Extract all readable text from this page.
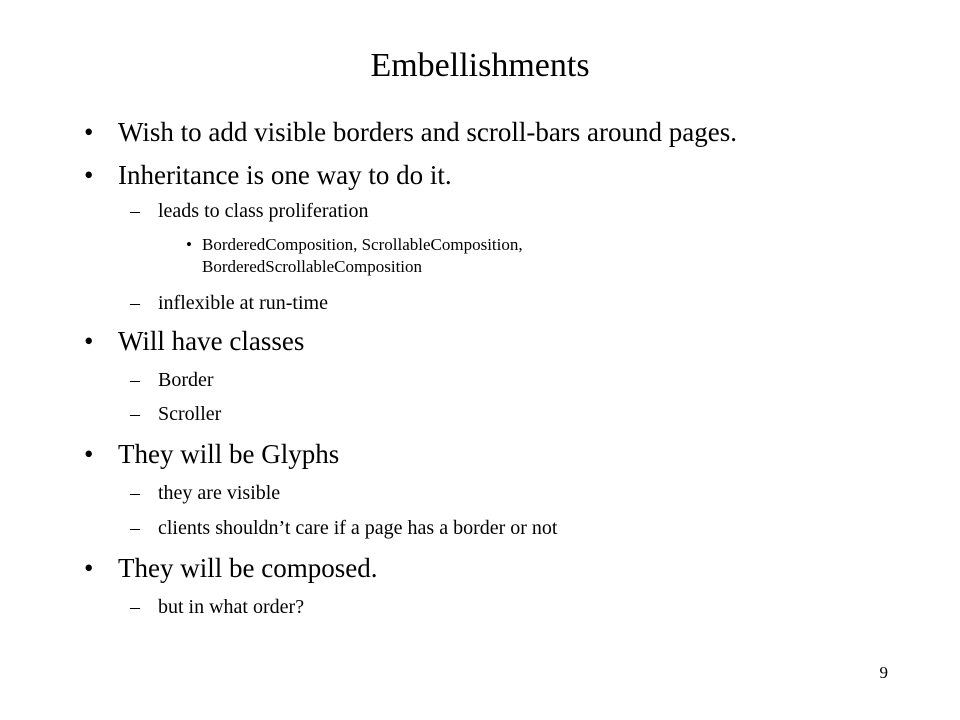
Embellishments
• Wish to add visible borders and scroll-bars around pages.
• Inheritance is one way to do it.
– leads to class proliferation
• BorderedComposition, ScrollableComposition,
BorderedScrollableComposition
– inflexible at run-time
• Will have classes
– Border
– Scroller
• They will be Glyphs
– they are visible
– clients shouldn’t care if a page has a border or not
• They will be composed.
– but in what order?
9
